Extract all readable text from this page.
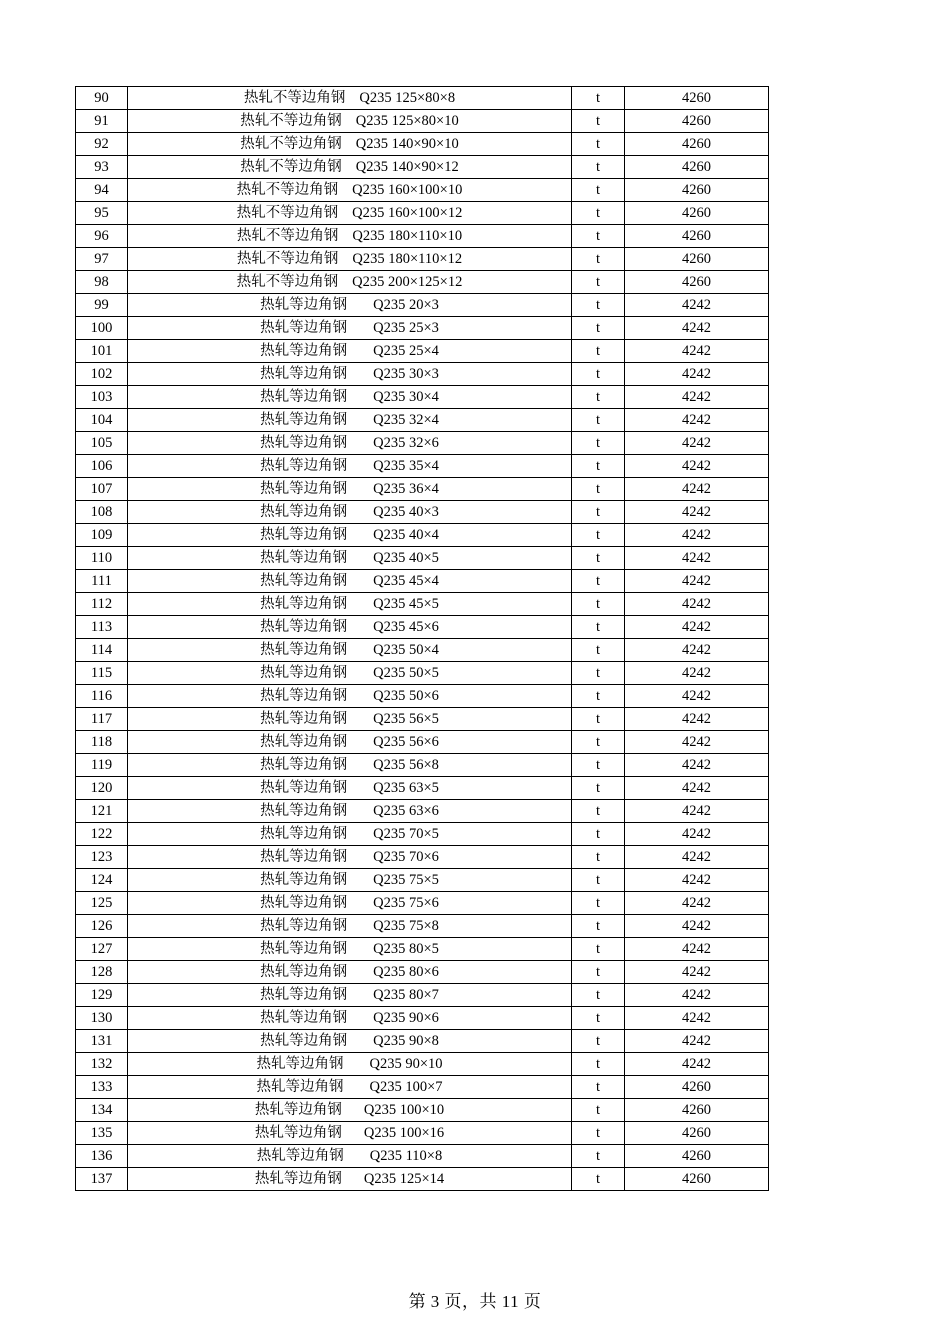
90	热轧不等边角钢 Q235 125×80×8	t	4260
91	热轧不等边角钢 Q235 125×80×10	t	4260
92	热轧不等边角钢 Q235 140×90×10	t	4260
93	热轧不等边角钢 Q235 140×90×12	t	4260
94	热轧不等边角钢 Q235 160×100×10	t	4260
95	热轧不等边角钢 Q235 160×100×12	t	4260
96	热轧不等边角钢 Q235 180×110×10	t	4260
97	热轧不等边角钢 Q235 180×110×12	t	4260
98	热轧不等边角钢 Q235 200×125×12	t	4260
99	热轧等边角钢 Q235 20×3	t	4242
100	热轧等边角钢 Q235 25×3	t	4242
101	热轧等边角钢 Q235 25×4	t	4242
102	热轧等边角钢 Q235 30×3	t	4242
103	热轧等边角钢 Q235 30×4	t	4242
104	热轧等边角钢 Q235 32×4	t	4242
105	热轧等边角钢 Q235 32×6	t	4242
106	热轧等边角钢 Q235 35×4	t	4242
107	热轧等边角钢 Q235 36×4	t	4242
108	热轧等边角钢 Q235 40×3	t	4242
109	热轧等边角钢 Q235 40×4	t	4242
110	热轧等边角钢 Q235 40×5	t	4242
111	热轧等边角钢 Q235 45×4	t	4242
112	热轧等边角钢 Q235 45×5	t	4242
113	热轧等边角钢 Q235 45×6	t	4242
114	热轧等边角钢 Q235 50×4	t	4242
115	热轧等边角钢 Q235 50×5	t	4242
116	热轧等边角钢 Q235 50×6	t	4242
117	热轧等边角钢 Q235 56×5	t	4242
118	热轧等边角钢 Q235 56×6	t	4242
119	热轧等边角钢 Q235 56×8	t	4242
120	热轧等边角钢 Q235 63×5	t	4242
121	热轧等边角钢 Q235 63×6	t	4242
122	热轧等边角钢 Q235 70×5	t	4242
123	热轧等边角钢 Q235 70×6	t	4242
124	热轧等边角钢 Q235 75×5	t	4242
125	热轧等边角钢 Q235 75×6	t	4242
126	热轧等边角钢 Q235 75×8	t	4242
127	热轧等边角钢 Q235 80×5	t	4242
128	热轧等边角钢 Q235 80×6	t	4242
129	热轧等边角钢 Q235 80×7	t	4242
130	热轧等边角钢 Q235 90×6	t	4242
131	热轧等边角钢 Q235 90×8	t	4242
132	热轧等边角钢 Q235 90×10	t	4242
133	热轧等边角钢 Q235 100×7	t	4260
134	热轧等边角钢 Q235 100×10	t	4260
135	热轧等边角钢 Q235 100×16	t	4260
136	热轧等边角钢 Q235 110×8	t	4260
137	热轧等边角钢 Q235 125×14	t	4260
第 3 页，共 11 页
